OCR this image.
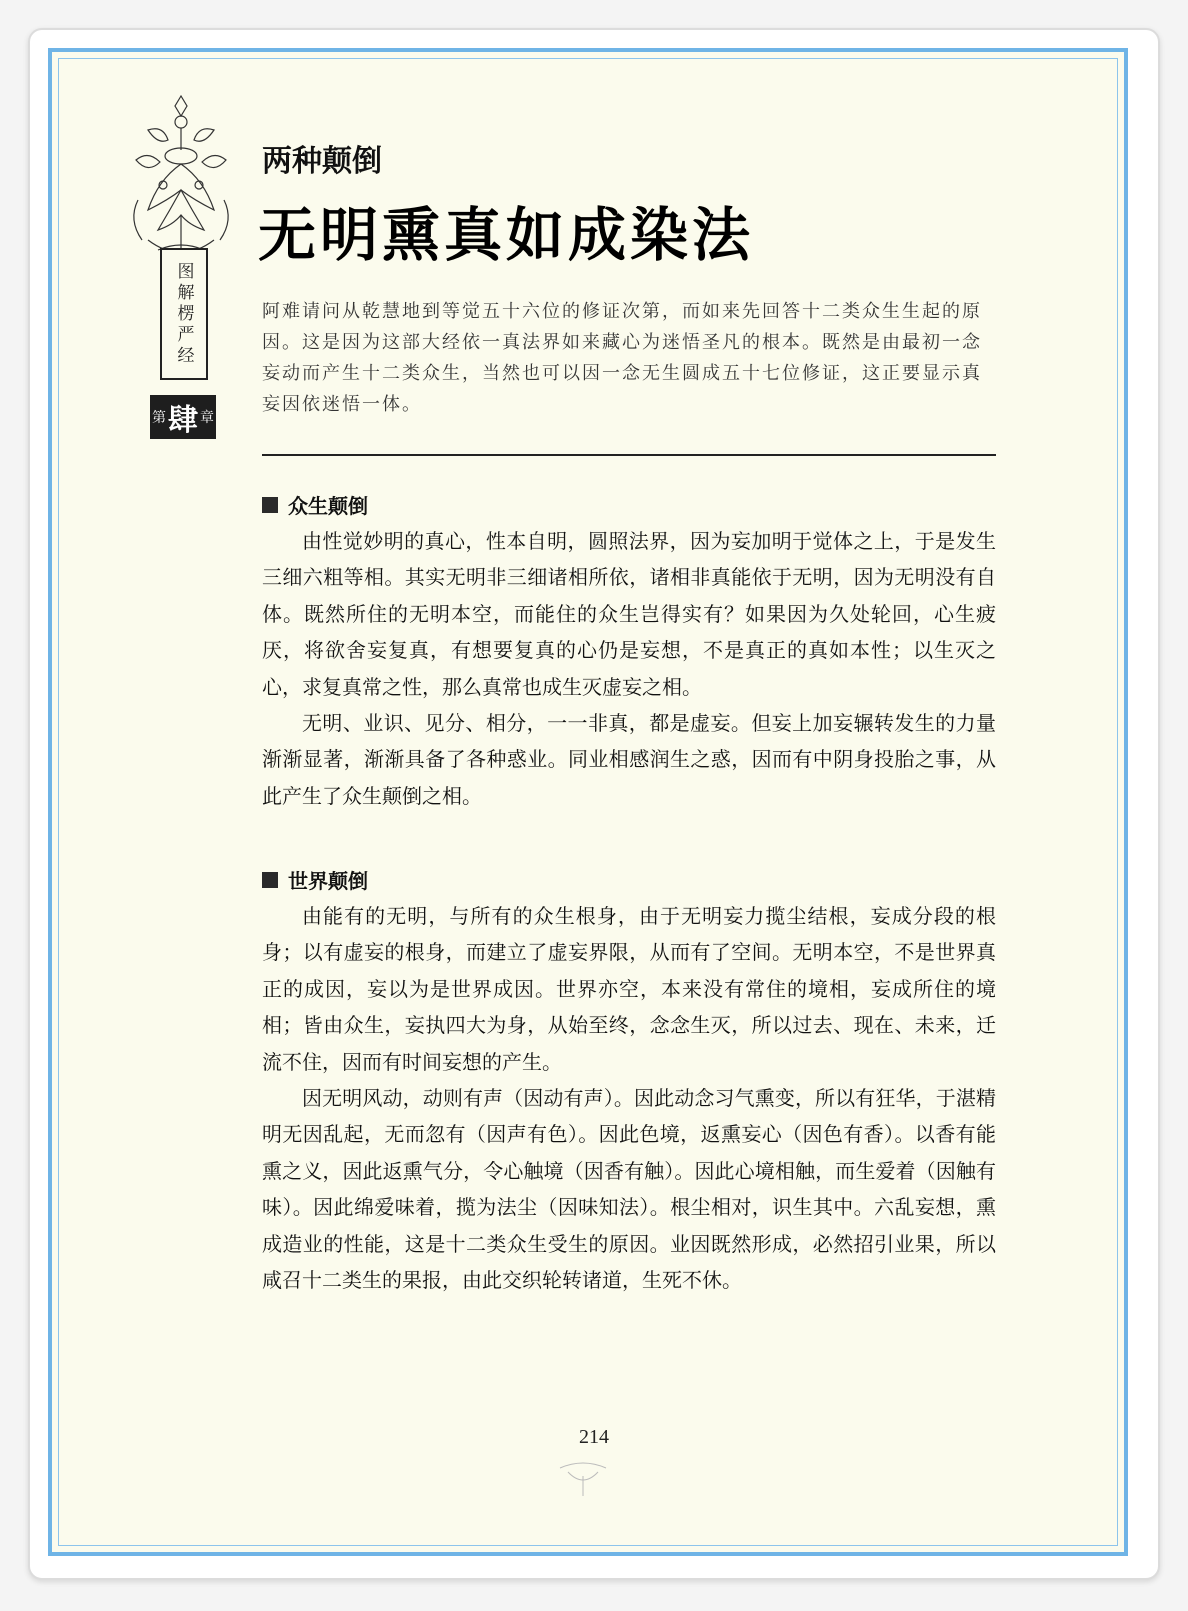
图解楞严经
第 肆 章
两种颠倒
无明熏真如成染法

阿难请问从乾慧地到等觉五十六位的修证次第，而如来先回答十二类众生生起的原因。这是因为这部大经依一真法界如来藏心为迷悟圣凡的根本。既然是由最初一念妄动而产生十二类众生，当然也可以因一念无生圆成五十七位修证，这正要显示真妄因依迷悟一体。

众生颠倒

由性觉妙明的真心，性本自明，圆照法界，因为妄加明于觉体之上，于是发生三细六粗等相。其实无明非三细诸相所依，诸相非真能依于无明，因为无明没有自体。既然所住的无明本空，而能住的众生岂得实有？如果因为久处轮回，心生疲厌，将欲舍妄复真，有想要复真的心仍是妄想，不是真正的真如本性；以生灭之心，求复真常之性，那么真常也成生灭虚妄之相。

无明、业识、见分、相分，一一非真，都是虚妄。但妄上加妄辗转发生的力量渐渐显著，渐渐具备了各种惑业。同业相感润生之惑，因而有中阴身投胎之事，从此产生了众生颠倒之相。

世界颠倒

由能有的无明，与所有的众生根身，由于无明妄力揽尘结根，妄成分段的根身；以有虚妄的根身，而建立了虚妄界限，从而有了空间。无明本空，不是世界真正的成因，妄以为是世界成因。世界亦空，本来没有常住的境相，妄成所住的境相；皆由众生，妄执四大为身，从始至终，念念生灭，所以过去、现在、未来，迁流不住，因而有时间妄想的产生。

因无明风动，动则有声（因动有声）。因此动念习气熏变，所以有狂华，于湛精明无因乱起，无而忽有（因声有色）。因此色境，返熏妄心（因色有香）。以香有能熏之义，因此返熏气分，令心触境（因香有触）。因此心境相触，而生爱着（因触有味）。因此绵爱味着，揽为法尘（因味知法）。根尘相对，识生其中。六乱妄想，熏成造业的性能，这是十二类众生受生的原因。业因既然形成，必然招引业果，所以咸召十二类生的果报，由此交织轮转诸道，生死不休。

214
